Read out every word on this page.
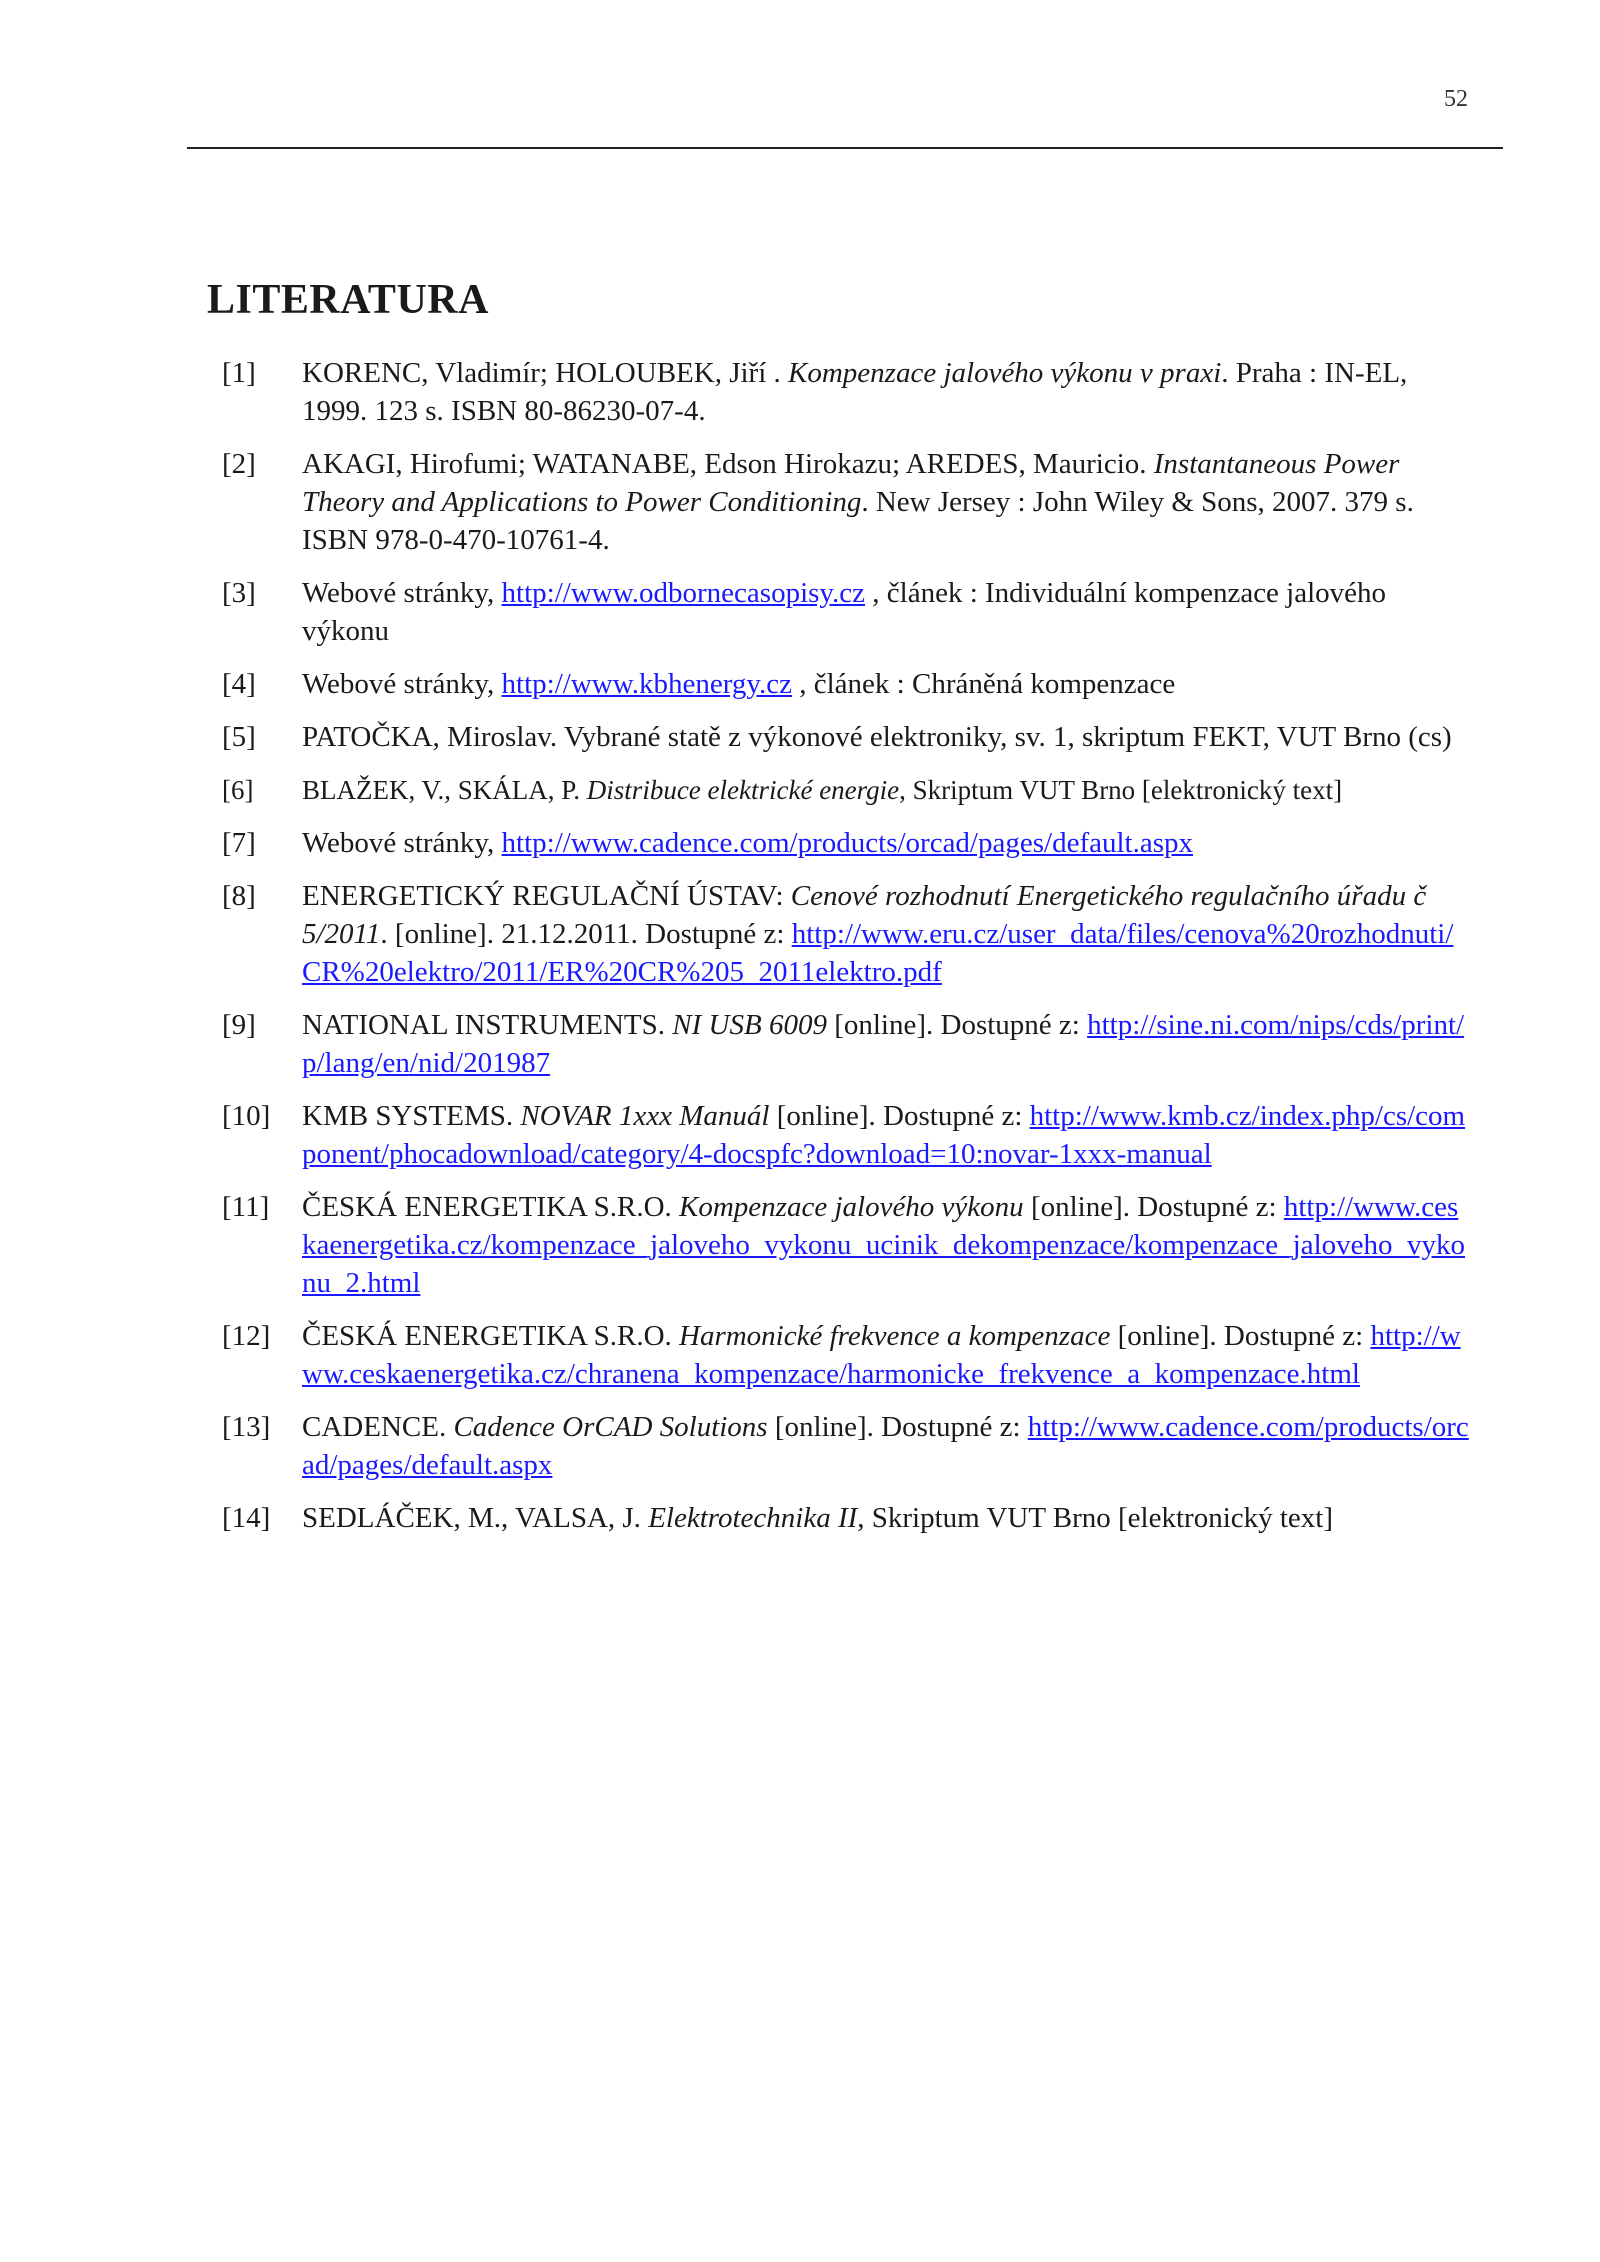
52
LITERATURA
[1]	KORENC, Vladimír; HOLOUBEK, Jiří . Kompenzace jalového výkonu v praxi. Praha : IN-EL, 1999. 123 s. ISBN 80-86230-07-4.
[2]	AKAGI, Hirofumi; WATANABE, Edson Hirokazu; AREDES, Mauricio. Instantaneous Power Theory and Applications to Power Conditioning. New Jersey : John Wiley & Sons, 2007. 379 s. ISBN 978-0-470-10761-4.
[3]	Webové stránky, http://www.odbornecasopisy.cz , článek : Individuální kompenzace jalového výkonu
[4]	Webové stránky, http://www.kbhenergy.cz , článek : Chráněná kompenzace
[5]	PATOČKA, Miroslav. Vybrané statě z výkonové elektroniky, sv. 1, skriptum FEKT, VUT Brno (cs)
[6]	BLAŽEK, V., SKÁLA, P. Distribuce elektrické energie, Skriptum VUT Brno [elektronický text]
[7]	Webové stránky, http://www.cadence.com/products/orcad/pages/default.aspx
[8]	ENERGETICKÝ REGULAČNÍ ÚSTAV: Cenové rozhodnutí Energetického regulačního úřadu č 5/2011. [online]. 21.12.2011. Dostupné z: http://www.eru.cz/user_data/files/cenova%20rozhodnuti/CR%20elektro/2011/ER%20CR%205_2011elektro.pdf
[9]	NATIONAL INSTRUMENTS. NI USB 6009 [online]. Dostupné z: http://sine.ni.com/nips/cds/print/p/lang/en/nid/201987
[10]	KMB SYSTEMS. NOVAR 1xxx Manuál [online]. Dostupné z: http://www.kmb.cz/index.php/cs/component/phocadownload/category/4-docspfc?download=10:novar-1xxx-manual
[11]	ČESKÁ ENERGETIKA S.R.O. Kompenzace jalového výkonu [online]. Dostupné z: http://www.ceskaenergetika.cz/kompenzace_jaloveho_vykonu_ucinik_dekompenzace/kompenzace_jaloveho_vykonu_2.html
[12]	ČESKÁ ENERGETIKA S.R.O. Harmonické frekvence a kompenzace [online]. Dostupné z: http://www.ceskaenergetika.cz/chranena_kompenzace/harmonicke_frekvence_a_kompenzace.html
[13]	CADENCE. Cadence OrCAD Solutions [online]. Dostupné z: http://www.cadence.com/products/orcad/pages/default.aspx
[14]	SEDLÁČEK, M., VALSA, J. Elektrotechnika II, Skriptum VUT Brno [elektronický text]
